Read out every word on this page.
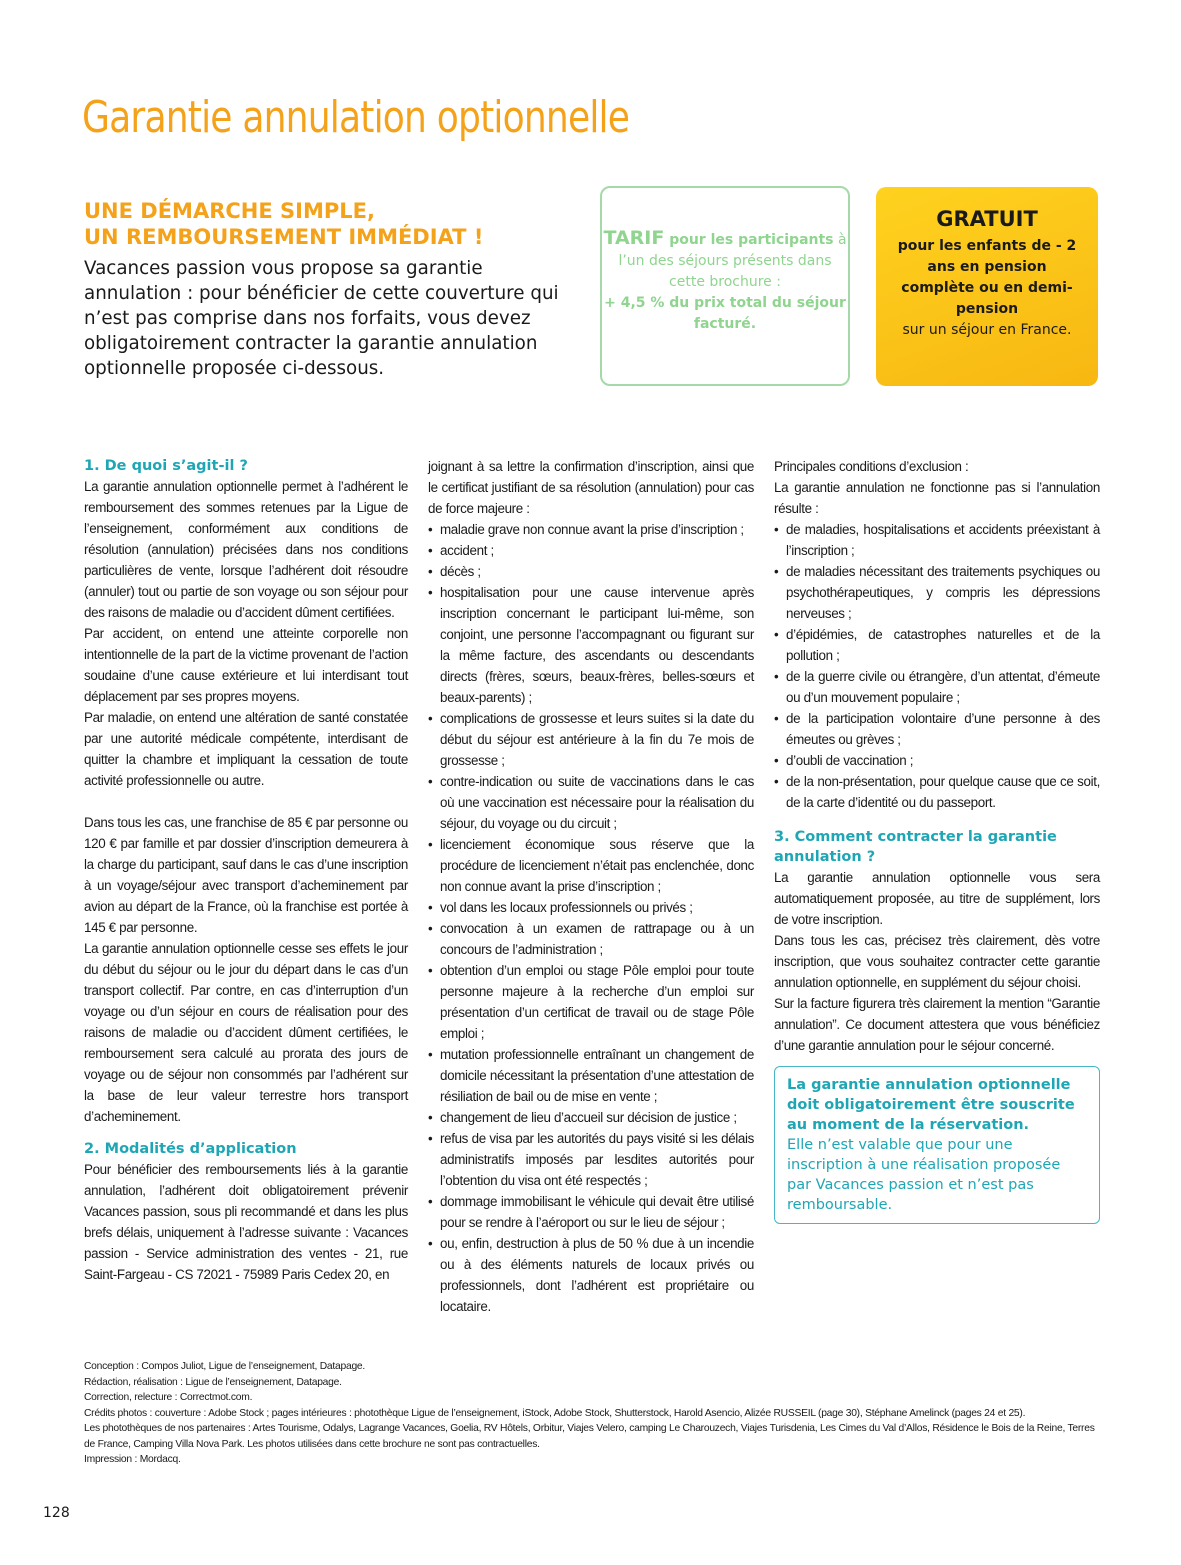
Garantie annulation optionnelle
UNE DÉMARCHE SIMPLE,
UN REMBOURSEMENT IMMÉDIAT !

Vacances passion vous propose sa garantie annulation : pour bénéficier de cette couverture qui n’est pas comprise dans nos forfaits, vous devez obligatoirement contracter la garantie annulation optionnelle proposée ci-dessous.

TARIF pour les participants à l’un des séjours présents dans cette brochure :
+ 4,5 % du prix total du séjour facturé.
GRATUIT
pour les enfants de - 2 ans en pension complète ou en demi-pension
sur un séjour en France.

1. De quoi s’agit-il ?

La garantie annulation optionnelle permet à l’adhérent le remboursement des sommes retenues par la Ligue de l’enseignement, conformément aux conditions de résolution (annulation) précisées dans nos conditions particulières de vente, lorsque l’adhérent doit résoudre (annuler) tout ou partie de son voyage ou son séjour pour des raisons de maladie ou d’accident dûment certifiées.

Par accident, on entend une atteinte corporelle non intentionnelle de la part de la victime provenant de l’action soudaine d’une cause extérieure et lui interdisant tout déplacement par ses propres moyens.

Par maladie, on entend une altération de santé constatée par une autorité médicale compétente, interdisant de quitter la chambre et impliquant la cessation de toute activité professionnelle ou autre.

Dans tous les cas, une franchise de 85 € par personne ou 120 € par famille et par dossier d’inscription demeurera à la charge du participant, sauf dans le cas d’une inscription à un voyage/séjour avec transport d’acheminement par avion au départ de la France, où la franchise est portée à 145 € par personne.

La garantie annulation optionnelle cesse ses effets le jour du début du séjour ou le jour du départ dans le cas d’un transport collectif. Par contre, en cas d’interruption d’un voyage ou d’un séjour en cours de réalisation pour des raisons de maladie ou d’accident dûment certifiées, le remboursement sera calculé au prorata des jours de voyage ou de séjour non consommés par l’adhérent sur la base de leur valeur terrestre hors transport d’acheminement.

2. Modalités d’application

Pour bénéficier des remboursements liés à la garantie annulation, l’adhérent doit obligatoirement prévenir Vacances passion, sous pli recommandé et dans les plus brefs délais, uniquement à l’adresse suivante : Vacances passion - Service administration des ventes - 21, rue Saint-Fargeau - CS 72021 - 75989 Paris Cedex 20, en

joignant à sa lettre la confirmation d’inscription, ainsi que le certificat justifiant de sa résolution (annulation) pour cas de force majeure :

• maladie grave non connue avant la prise d’inscription ;
• accident ;
• décès ;
• hospitalisation pour une cause intervenue après inscription concernant le participant lui-même, son conjoint, une personne l’accompagnant ou figurant sur la même facture, des ascendants ou descendants directs (frères, sœurs, beaux-frères, belles-sœurs et beaux-parents) ;
• complications de grossesse et leurs suites si la date du début du séjour est antérieure à la fin du 7e mois de grossesse ;
• contre-indication ou suite de vaccinations dans le cas où une vaccination est nécessaire pour la réalisation du séjour, du voyage ou du circuit ;
• licenciement économique sous réserve que la procédure de licenciement n’était pas enclenchée, donc non connue avant la prise d’inscription ;
• vol dans les locaux professionnels ou privés ;
• convocation à un examen de rattrapage ou à un concours de l’administration ;
• obtention d’un emploi ou stage Pôle emploi pour toute personne majeure à la recherche d’un emploi sur présentation d’un certificat de travail ou de stage Pôle emploi ;
• mutation professionnelle entraînant un changement de domicile nécessitant la présentation d’une attestation de résiliation de bail ou de mise en vente ;
• changement de lieu d’accueil sur décision de justice ;
• refus de visa par les autorités du pays visité si les délais administratifs imposés par lesdites autorités pour l’obtention du visa ont été respectés ;
• dommage immobilisant le véhicule qui devait être utilisé pour se rendre à l’aéroport ou sur le lieu de séjour ;
• ou, enfin, destruction à plus de 50 % due à un incendie ou à des éléments naturels de locaux privés ou professionnels, dont l’adhérent est propriétaire ou locataire.

Principales conditions d’exclusion :

La garantie annulation ne fonctionne pas si l’annulation résulte :

• de maladies, hospitalisations et accidents préexistant à l’inscription ;
• de maladies nécessitant des traitements psychiques ou psychothérapeutiques, y compris les dépressions nerveuses ;
• d’épidémies, de catastrophes naturelles et de la pollution ;
• de la guerre civile ou étrangère, d’un attentat, d’émeute ou d’un mouvement populaire ;
• de la participation volontaire d’une personne à des émeutes ou grèves ;
• d’oubli de vaccination ;
• de la non-présentation, pour quelque cause que ce soit, de la carte d’identité ou du passeport.

3. Comment contracter la garantie annulation ?

La garantie annulation optionnelle vous sera automatiquement proposée, au titre de supplément, lors de votre inscription.

Dans tous les cas, précisez très clairement, dès votre inscription, que vous souhaitez contracter cette garantie annulation optionnelle, en supplément du séjour choisi.

Sur la facture figurera très clairement la mention “Garantie annulation”. Ce document attestera que vous bénéficiez d’une garantie annulation pour le séjour concerné.

La garantie annulation optionnelle doit obligatoirement être souscrite au moment de la réservation.
Elle n’est valable que pour une inscription à une réalisation proposée par Vacances passion et n’est pas remboursable.

Conception : Compos Juliot, Ligue de l’enseignement, Datapage.

Rédaction, réalisation : Ligue de l’enseignement, Datapage.

Correction, relecture : Correctmot.com.

Crédits photos : couverture : Adobe Stock ; pages intérieures : photothèque Ligue de l’enseignement, iStock, Adobe Stock, Shutterstock, Harold Asencio, Alizée RUSSEIL (page 30), Stéphane Amelinck (pages 24 et 25).

Les photothèques de nos partenaires : Artes Tourisme, Odalys, Lagrange Vacances, Goelia, RV Hôtels, Orbitur, Viajes Velero, camping Le Charouzech, Viajes Turisdenia, Les Cimes du Val d’Allos, Résidence le Bois de la Reine, Terres de France, Camping Villa Nova Park. Les photos utilisées dans cette brochure ne sont pas contractuelles.

Impression : Mordacq.

128
